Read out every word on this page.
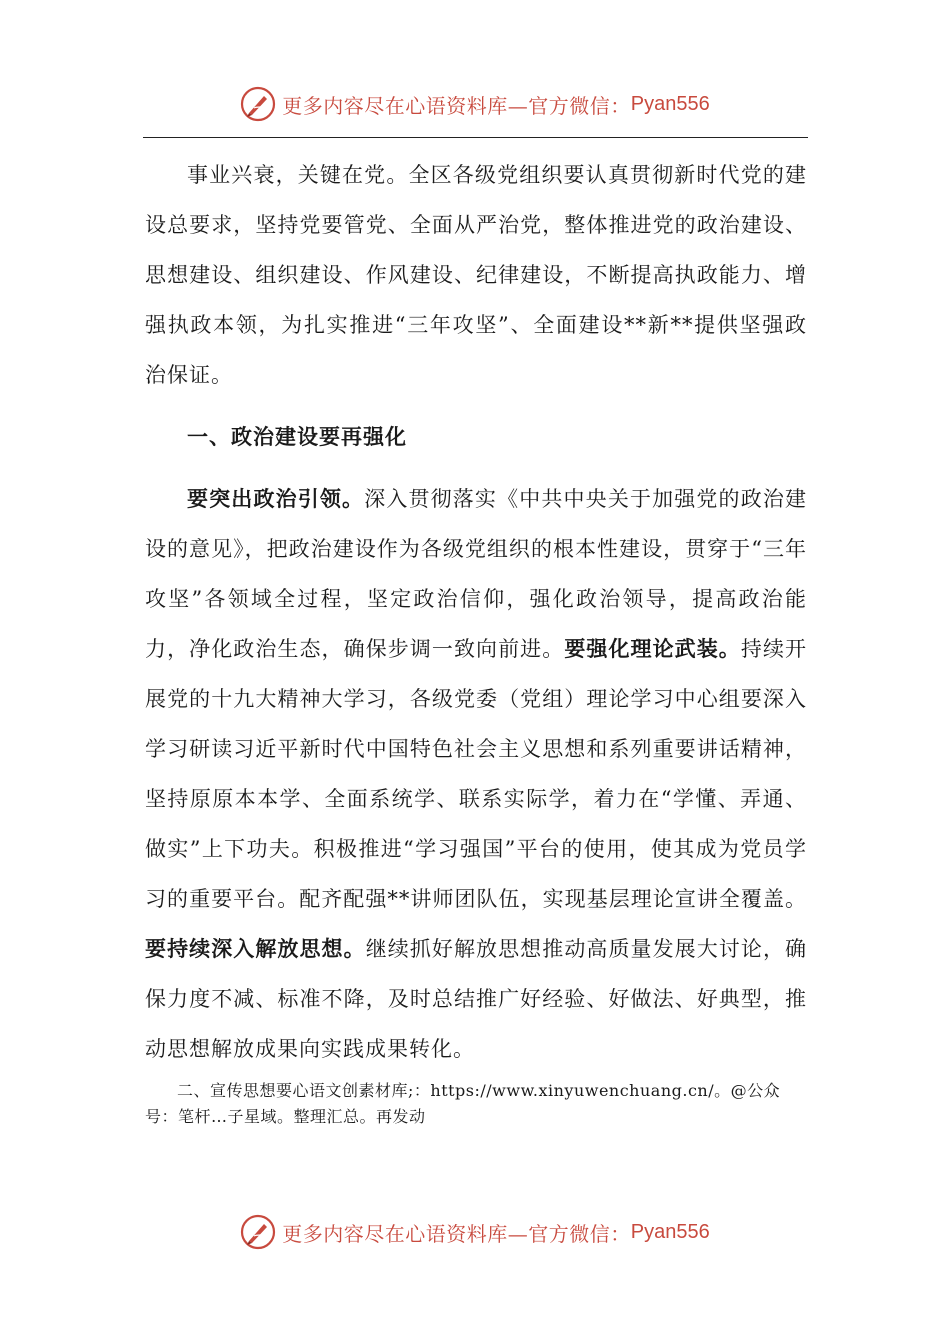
更多内容尽在心语资料库—官方微信： Pyan556

事业兴衰，关键在党。全区各级党组织要认真贯彻新时代党的建设总要求，坚持党要管党、全面从严治党，整体推进党的政治建设、思想建设、组织建设、作风建设、纪律建设，不断提高执政能力、增强执政本领，为扎实推进“三年攻坚”、全面建设**新**提供坚强政治保证。

一、政治建设要再强化

要突出政治引领。深入贯彻落实《中共中央关于加强党的政治建设的意见》，把政治建设作为各级党组织的根本性建设，贯穿于“三年攻坚”各领域全过程，坚定政治信仰，强化政治领导，提高政治能力，净化政治生态，确保步调一致向前进。要强化理论武装。持续开展党的十九大精神大学习，各级党委（党组）理论学习中心组要深入学习研读习近平新时代中国特色社会主义思想和系列重要讲话精神，坚持原原本本学、全面系统学、联系实际学，着力在“学懂、弄通、做实”上下功夫。积极推进“学习强国”平台的使用，使其成为党员学习的重要平台。配齐配强**讲师团队伍，实现基层理论宣讲全覆盖。要持续深入解放思想。继续抓好解放思想推动高质量发展大讨论，确保力度不减、标准不降，及时总结推广好经验、好做法、好典型，推动思想解放成果向实践成果转化。

二、宣传思想要心语文创素材库;：https://www.xinyuwenchuang.cn/。@公众号：笔杆…子星域。整理汇总。再发动

更多内容尽在心语资料库—官方微信： Pyan556
